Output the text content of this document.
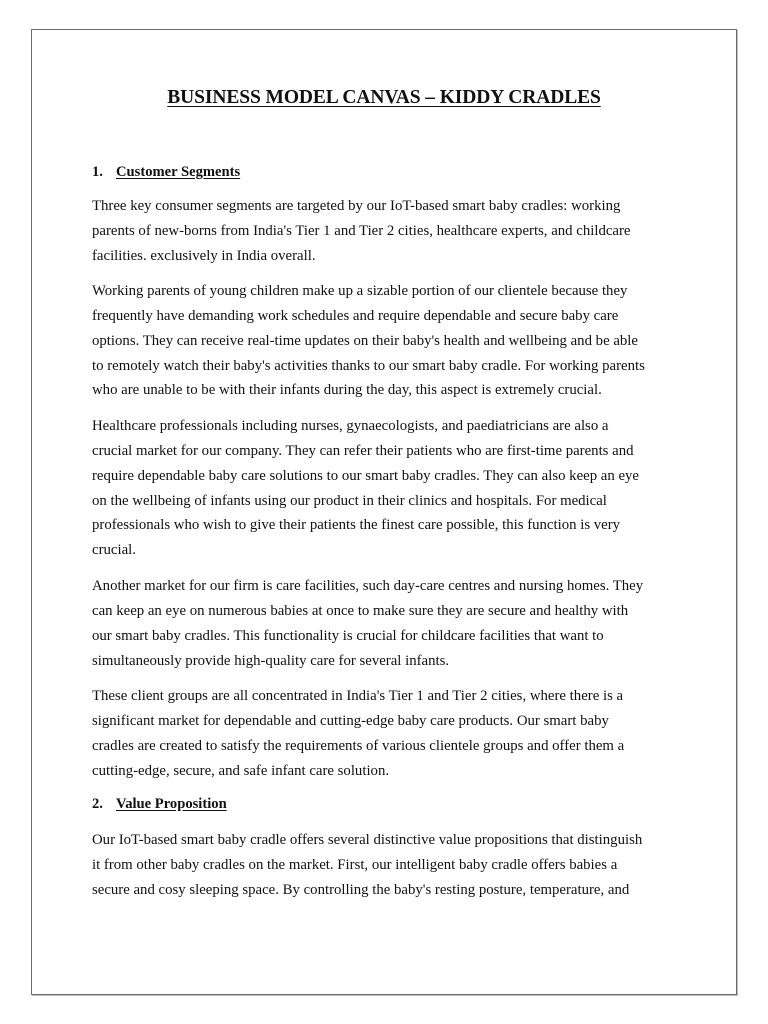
BUSINESS MODEL CANVAS – KIDDY CRADLES
1. Customer Segments
Three key consumer segments are targeted by our IoT-based smart baby cradles: working
parents of new-borns from India's Tier 1 and Tier 2 cities, healthcare experts, and childcare
facilities. exclusively in India overall.
Working parents of young children make up a sizable portion of our clientele because they
frequently have demanding work schedules and require dependable and secure baby care
options. They can receive real-time updates on their baby's health and wellbeing and be able
to remotely watch their baby's activities thanks to our smart baby cradle. For working parents
who are unable to be with their infants during the day, this aspect is extremely crucial.
Healthcare professionals including nurses, gynaecologists, and paediatricians are also a
crucial market for our company. They can refer their patients who are first-time parents and
require dependable baby care solutions to our smart baby cradles. They can also keep an eye
on the wellbeing of infants using our product in their clinics and hospitals. For medical
professionals who wish to give their patients the finest care possible, this function is very
crucial.
Another market for our firm is care facilities, such day-care centres and nursing homes. They
can keep an eye on numerous babies at once to make sure they are secure and healthy with
our smart baby cradles. This functionality is crucial for childcare facilities that want to
simultaneously provide high-quality care for several infants.
These client groups are all concentrated in India's Tier 1 and Tier 2 cities, where there is a
significant market for dependable and cutting-edge baby care products. Our smart baby
cradles are created to satisfy the requirements of various clientele groups and offer them a
cutting-edge, secure, and safe infant care solution.
2. Value Proposition
Our IoT-based smart baby cradle offers several distinctive value propositions that distinguish
it from other baby cradles on the market. First, our intelligent baby cradle offers babies a
secure and cosy sleeping space. By controlling the baby's resting posture, temperature, and
